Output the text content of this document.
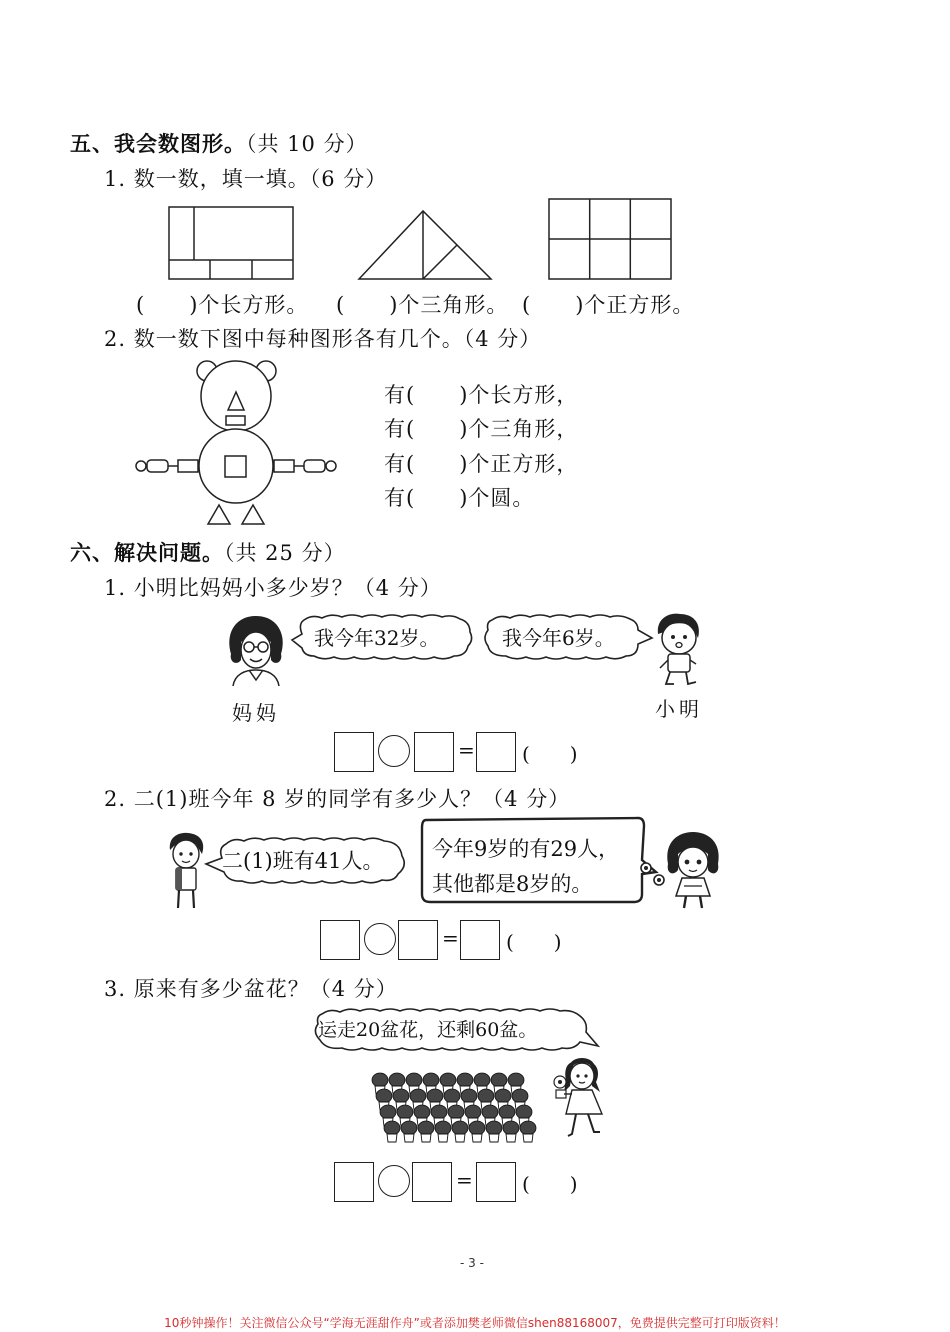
五、我会数图形。（共 10 分）
1. 数一数，填一填。（6 分）
(　　)个长方形。 (　　)个三角形。 (　　)个正方形。
2. 数一数下图中每种图形各有几个。（4 分）
有(　　)个长方形，
有(　　)个三角形，
有(　　)个正方形，
有(　　)个圆。
六、解决问题。（共 25 分）
1. 小明比妈妈小多少岁？（4 分）
妈妈
我今年32岁。	我今年6岁。
小明
= (　　)
2. 二(1)班今年 8 岁的同学有多少人？（4 分）
二(1)班有41人。 今年9岁的有29人，
其他都是8岁的。
= (　　)
3. 原来有多少盆花？（4 分）
运走20盆花，还剩60盆。
= (　　)
- 3 -
10秒钟操作！关注微信公众号“学海无涯甜作舟”或者添加樊老师微信shen88168007，免费提供完整可打印版资料！
